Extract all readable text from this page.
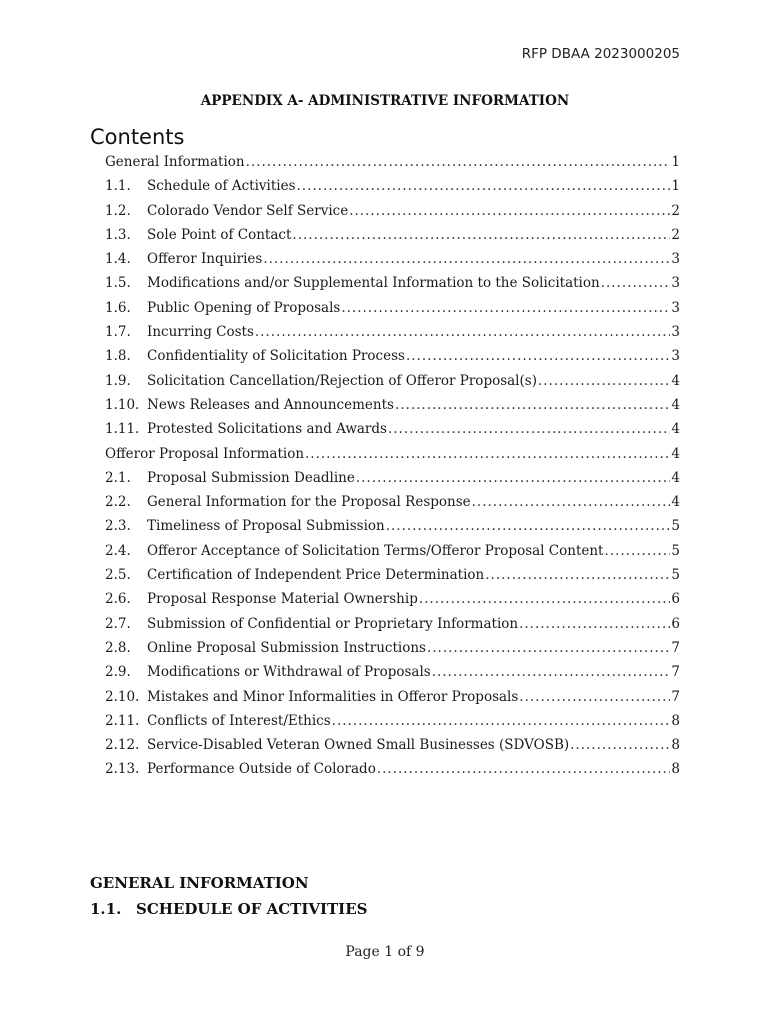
RFP DBAA 2023000205
APPENDIX A- ADMINISTRATIVE INFORMATION
Contents
General Information .....	1
1.1.	Schedule of Activities .....	1
1.2.	Colorado Vendor Self Service .....	2
1.3.	Sole Point of Contact .....	2
1.4.	Offeror Inquiries .....	3
1.5.	Modifications and/or Supplemental Information to the Solicitation .....	3
1.6.	Public Opening of Proposals .....	3
1.7.	Incurring Costs .....	3
1.8.	Confidentiality of Solicitation Process .....	3
1.9.	Solicitation Cancellation/Rejection of Offeror Proposal(s) .....	4
1.10. News Releases and Announcements .....	4
1.11. Protested Solicitations and Awards .....	4
Offeror Proposal Information .....	4
2.1.	Proposal Submission Deadline .....	4
2.2.	General Information for the Proposal Response .....	4
2.3.	Timeliness of Proposal Submission .....	5
2.4.	Offeror Acceptance of Solicitation Terms/Offeror Proposal Content .....	5
2.5.	Certification of Independent Price Determination .....	5
2.6.	Proposal Response Material Ownership .....	6
2.7.	Submission of Confidential or Proprietary Information .....	6
2.8.	Online Proposal Submission Instructions .....	7
2.9.	Modifications or Withdrawal of Proposals .....	7
2.10. Mistakes and Minor Informalities in Offeror Proposals .....	7
2.11. Conflicts of Interest/Ethics .....	8
2.12. Service-Disabled Veteran Owned Small Businesses (SDVOSB) .....	8
2.13. Performance Outside of Colorado .....	8
GENERAL INFORMATION
1.1. SCHEDULE OF ACTIVITIES
Page 1 of 9
